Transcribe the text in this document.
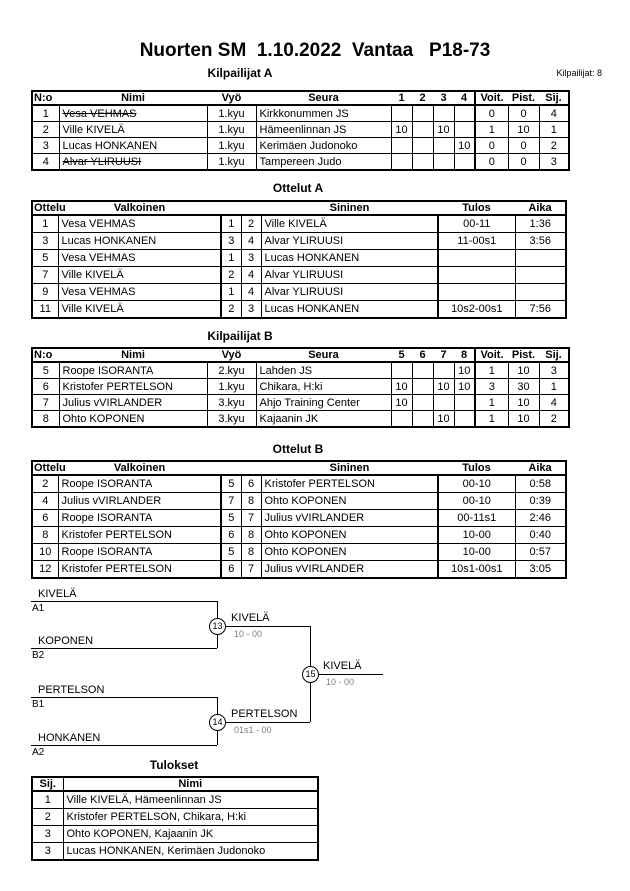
Nuorten SM  1.10.2022  Vantaa   P18-73
Kilpailijat A	Kilpailijat: 8
N:o	Nimi	Vyö	Seura	1	2	3	4	Voit.	Pist.	Sij.
1	Vesa VEHMAS	1.kyu	Kirkkonummen JS					0	0	4
2	Ville KIVELÄ	1.kyu	Hämeenlinnan JS	10		10		1	10	1
3	Lucas HONKANEN	1.kyu	Kerimäen Judonoko				10	0	0	2
4	Alvar YLIRUUSI	1.kyu	Tampereen Judo					0	0	3
Ottelut A
Ottelu	Valkoinen			Sininen	Tulos	Aika
1	Vesa VEHMAS	1	2	Ville KIVELÄ	00-11	1:36
3	Lucas HONKANEN	3	4	Alvar YLIRUUSI	11-00s1	3:56
5	Vesa VEHMAS	1	3	Lucas HONKANEN		
7	Ville KIVELÄ	2	4	Alvar YLIRUUSI		
9	Vesa VEHMAS	1	4	Alvar YLIRUUSI		
11	Ville KIVELÄ	2	3	Lucas HONKANEN	10s2-00s1	7:56
Kilpailijat B
N:o	Nimi	Vyö	Seura	5	6	7	8	Voit.	Pist.	Sij.
5	Roope ISORANTA	2.kyu	Lahden JS				10	1	10	3
6	Kristofer PERTELSON	1.kyu	Chikara, H:ki	10		10	10	3	30	1
7	Julius vVIRLANDER	3.kyu	Ahjo Training Center	10				1	10	4
8	Ohto KOPONEN	3.kyu	Kajaanin JK			10		1	10	2
Ottelut B
Ottelu	Valkoinen			Sininen	Tulos	Aika
2	Roope ISORANTA	5	6	Kristofer PERTELSON	00-10	0:58
4	Julius vVIRLANDER	7	8	Ohto KOPONEN	00-10	0:39
6	Roope ISORANTA	5	7	Julius vVIRLANDER	00-11s1	2:46
8	Kristofer PERTELSON	6	8	Ohto KOPONEN	10-00	0:40
10	Roope ISORANTA	5	8	Ohto KOPONEN	10-00	0:57
12	Kristofer PERTELSON	6	7	Julius vVIRLANDER	10s1-00s1	3:05
KIVELÄ
A1
KOPONEN
B2
PERTELSON
B1
HONKANEN
A2
13
14
15
KIVELÄ
10 - 00
PERTELSON
01s1 - 00
KIVELÄ
10 - 00
Tulokset
Sij.	Nimi
1	Ville KIVELÄ, Hämeenlinnan JS
2	Kristofer PERTELSON, Chikara, H:ki
3	Ohto KOPONEN, Kajaanin JK
3	Lucas HONKANEN, Kerimäen Judonoko
